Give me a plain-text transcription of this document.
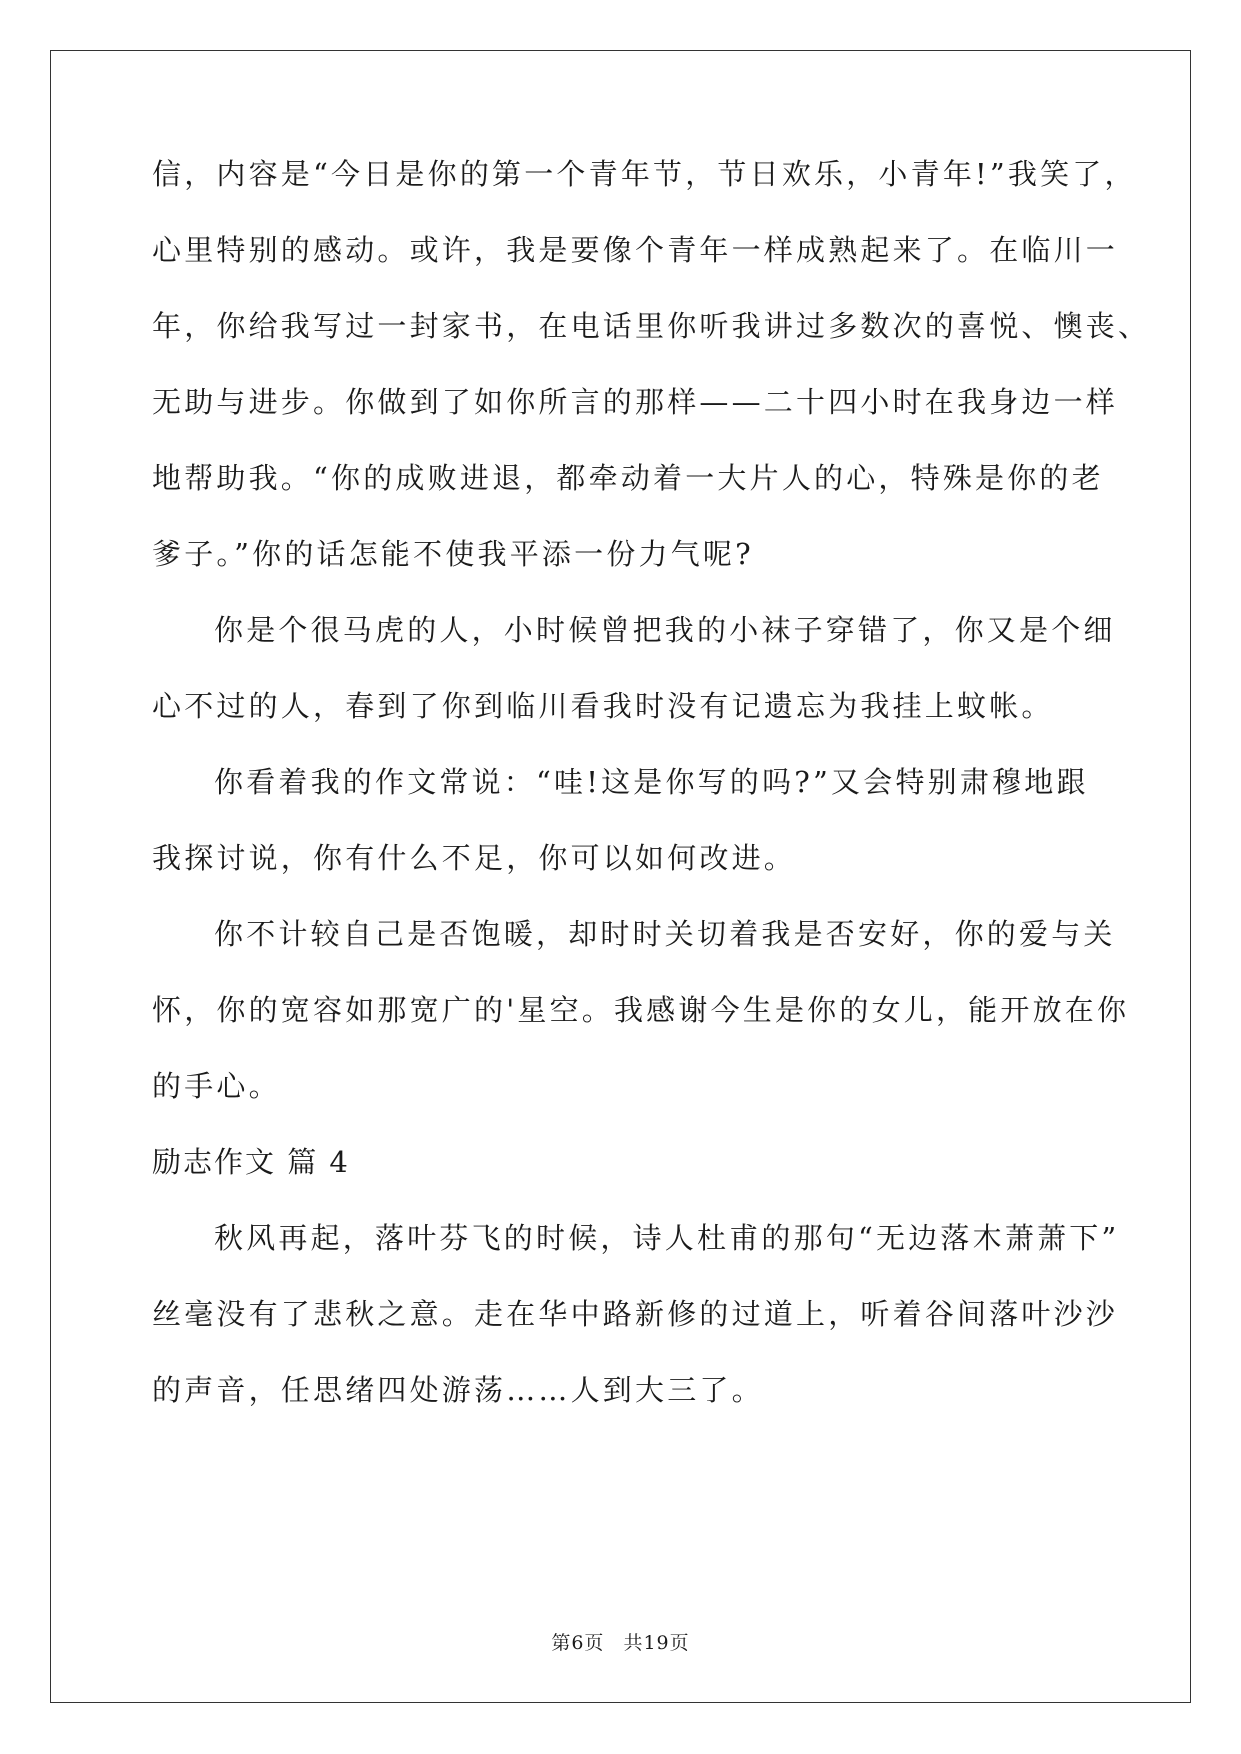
信，内容是“今日是你的第一个青年节，节日欢乐，小青年!”我笑了，
心里特别的感动。或许，我是要像个青年一样成熟起来了。在临川一
年，你给我写过一封家书，在电话里你听我讲过多数次的喜悦、懊丧、
无助与进步。你做到了如你所言的那样——二十四小时在我身边一样
地帮助我。“你的成败进退，都牵动着一大片人的心，特殊是你的老
爹子。”你的话怎能不使我平添一份力气呢?
你是个很马虎的人，小时候曾把我的小袜子穿错了，你又是个细
心不过的人，春到了你到临川看我时没有记遗忘为我挂上蚊帐。
你看着我的作文常说：“哇!这是你写的吗?”又会特别肃穆地跟
我探讨说，你有什么不足，你可以如何改进。
你不计较自己是否饱暖，却时时关切着我是否安好，你的爱与关
怀，你的宽容如那宽广的'星空。我感谢今生是你的女儿，能开放在你
的手心。
励志作文 篇 4
秋风再起，落叶芬飞的时候，诗人杜甫的那句“无边落木萧萧下”
丝毫没有了悲秋之意。走在华中路新修的过道上，听着谷间落叶沙沙
的声音，任思绪四处游荡……人到大三了。
第6页 共19页
